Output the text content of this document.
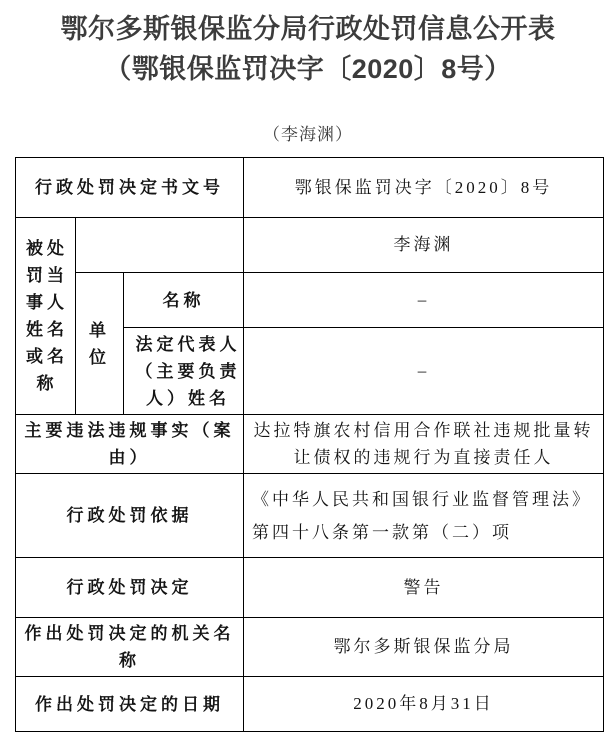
鄂尔多斯银保监分局行政处罚信息公开表
（鄂银保监罚决字〔2020〕8号）
（李海渊）
行政处罚决定书文号			鄂银保监罚决字〔2020〕8号

被处罚当事人姓名或名称			李海渊

	单位	名称	–

		法定代表人（主要负责人）姓名	–
主要违法违规事实（案由）			达拉特旗农村信用合作联社违规批量转让债权的违规行为直接责任人
行政处罚依据			《中华人民共和国银行业监督管理法》第四十八条第一款第（二）项
行政处罚决定			警告
作出处罚决定的机关名称			鄂尔多斯银保监分局
作出处罚决定的日期			2020年8月31日
